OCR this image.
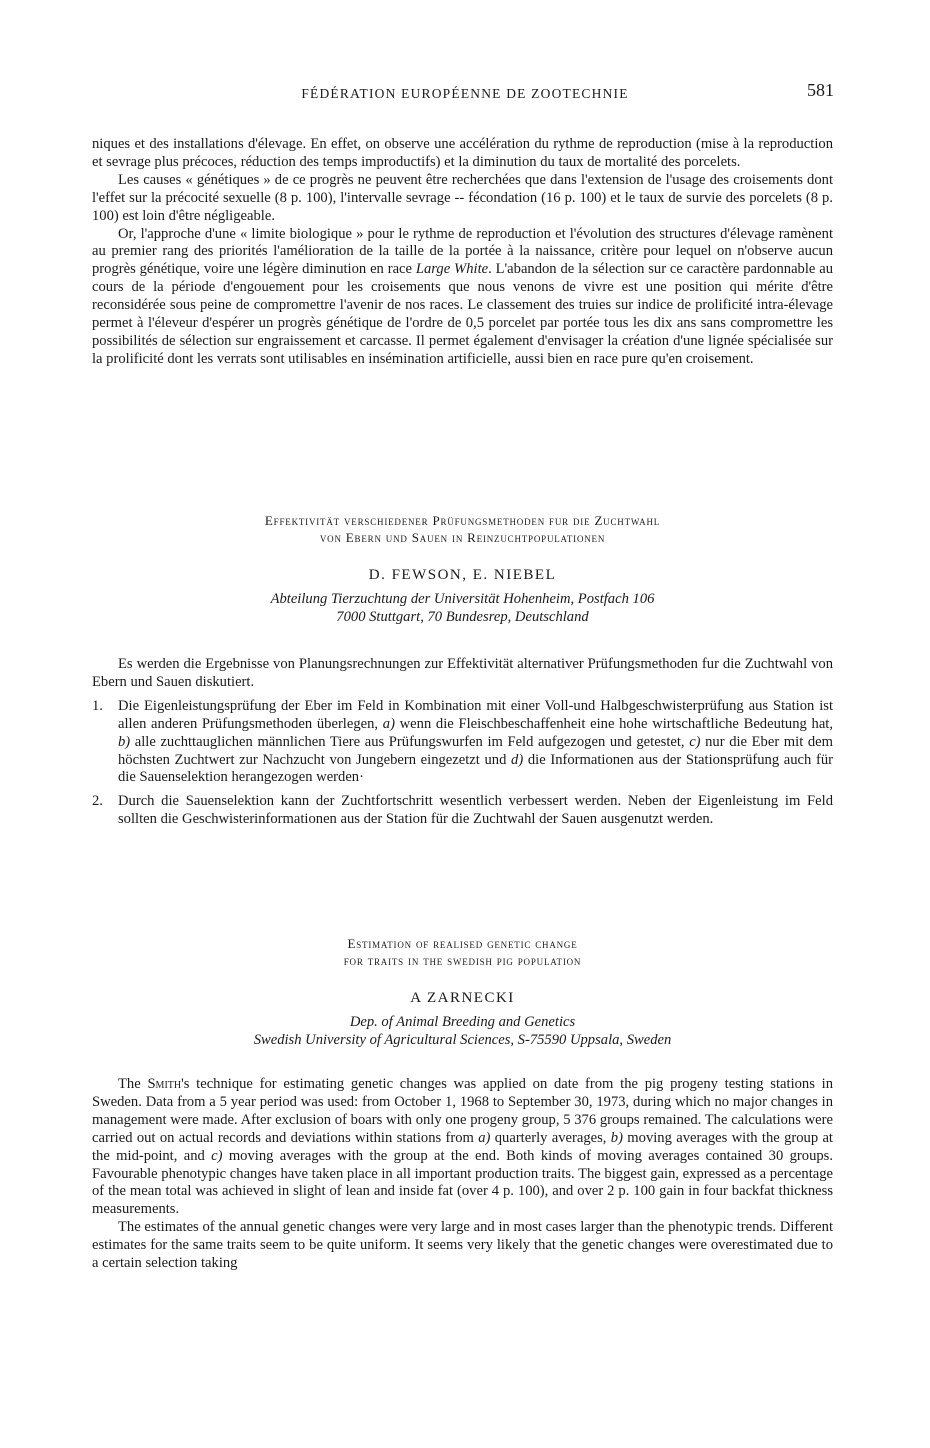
FÉDÉRATION EUROPÉENNE DE ZOOTECHNIE	581

niques et des installations d'élevage. En effet, on observe une accélération du rythme de reproduction (mise à la reproduction et sevrage plus précoces, réduction des temps improductifs) et la diminution du taux de mortalité des porcelets.

Les causes « génétiques » de ce progrès ne peuvent être recherchées que dans l'extension de l'usage des croisements dont l'effet sur la précocité sexuelle (8 p. 100), l'intervalle sevrage -- fécondation (16 p. 100) et le taux de survie des porcelets (8 p. 100) est loin d'être négligeable.

Or, l'approche d'une « limite biologique » pour le rythme de reproduction et l'évolution des structures d'élevage ramènent au premier rang des priorités l'amélioration de la taille de la portée à la naissance, critère pour lequel on n'observe aucun progrès génétique, voire une légère diminution en race Large White. L'abandon de la sélection sur ce caractère pardonnable au cours de la période d'engouement pour les croisements que nous venons de vivre est une position qui mérite d'être reconsidérée sous peine de compromettre l'avenir de nos races. Le classement des truies sur indice de prolificité intra-élevage permet à l'éleveur d'espérer un progrès génétique de l'ordre de 0,5 porcelet par portée tous les dix ans sans compromettre les possibilités de sélection sur engraissement et carcasse. Il permet également d'envisager la création d'une lignée spécialisée sur la prolificité dont les verrats sont utilisables en insémination artificielle, aussi bien en race pure qu'en croisement.

Effektivität verschiedener Prüfungsmethoden fur die Zuchtwahl
von Ebern und Sauen in Reinzuchtpopulationen
D. FEWSON, E. NIEBEL
Abteilung Tierzuchtung der Universität Hohenheim, Postfach 106
7000 Stuttgart, 70 Bundesrep, Deutschland

Es werden die Ergebnisse von Planungsrechnungen zur Effektivität alternativer Prüfungsmethoden fur die Zuchtwahl von Ebern und Sauen diskutiert.

1. Die Eigenleistungsprüfung der Eber im Feld in Kombination mit einer Voll-und Halbgeschwisterprüfung aus Station ist allen anderen Prüfungsmethoden überlegen, a) wenn die Fleischbeschaffenheit eine hohe wirtschaftliche Bedeutung hat, b) alle zuchttauglichen männlichen Tiere aus Prüfungswurfen im Feld aufgezogen und getestet, c) nur die Eber mit dem höchsten Zuchtwert zur Nachzucht von Jungebern eingezetzt und d) die Informationen aus der Stationsprüfung auch für die Sauenselektion herangezogen werden·
2. Durch die Sauenselektion kann der Zuchtfortschritt wesentlich verbessert werden. Neben der Eigenleistung im Feld sollten die Geschwisterinformationen aus der Station für die Zuchtwahl der Sauen ausgenutzt werden.
Estimation of realised genetic change
for traits in the swedish pig population
A ZARNECKI
Dep. of Animal Breeding and Genetics
Swedish University of Agricultural Sciences, S-75590 Uppsala, Sweden

The Smith's technique for estimating genetic changes was applied on date from the pig progeny testing stations in Sweden. Data from a 5 year period was used: from October 1, 1968 to September 30, 1973, during which no major changes in management were made. After exclusion of boars with only one progeny group, 5 376 groups remained. The calculations were carried out on actual records and deviations within stations from a) quarterly averages, b) moving averages with the group at the mid-point, and c) moving averages with the group at the end. Both kinds of moving averages contained 30 groups. Favourable phenotypic changes have taken place in all important production traits. The biggest gain, expressed as a percentage of the mean total was achieved in slight of lean and inside fat (over 4 p. 100), and over 2 p. 100 gain in four backfat thickness measurements.

The estimates of the annual genetic changes were very large and in most cases larger than the phenotypic trends. Different estimates for the same traits seem to be quite uniform. It seems very likely that the genetic changes were overestimated due to a certain selection taking
